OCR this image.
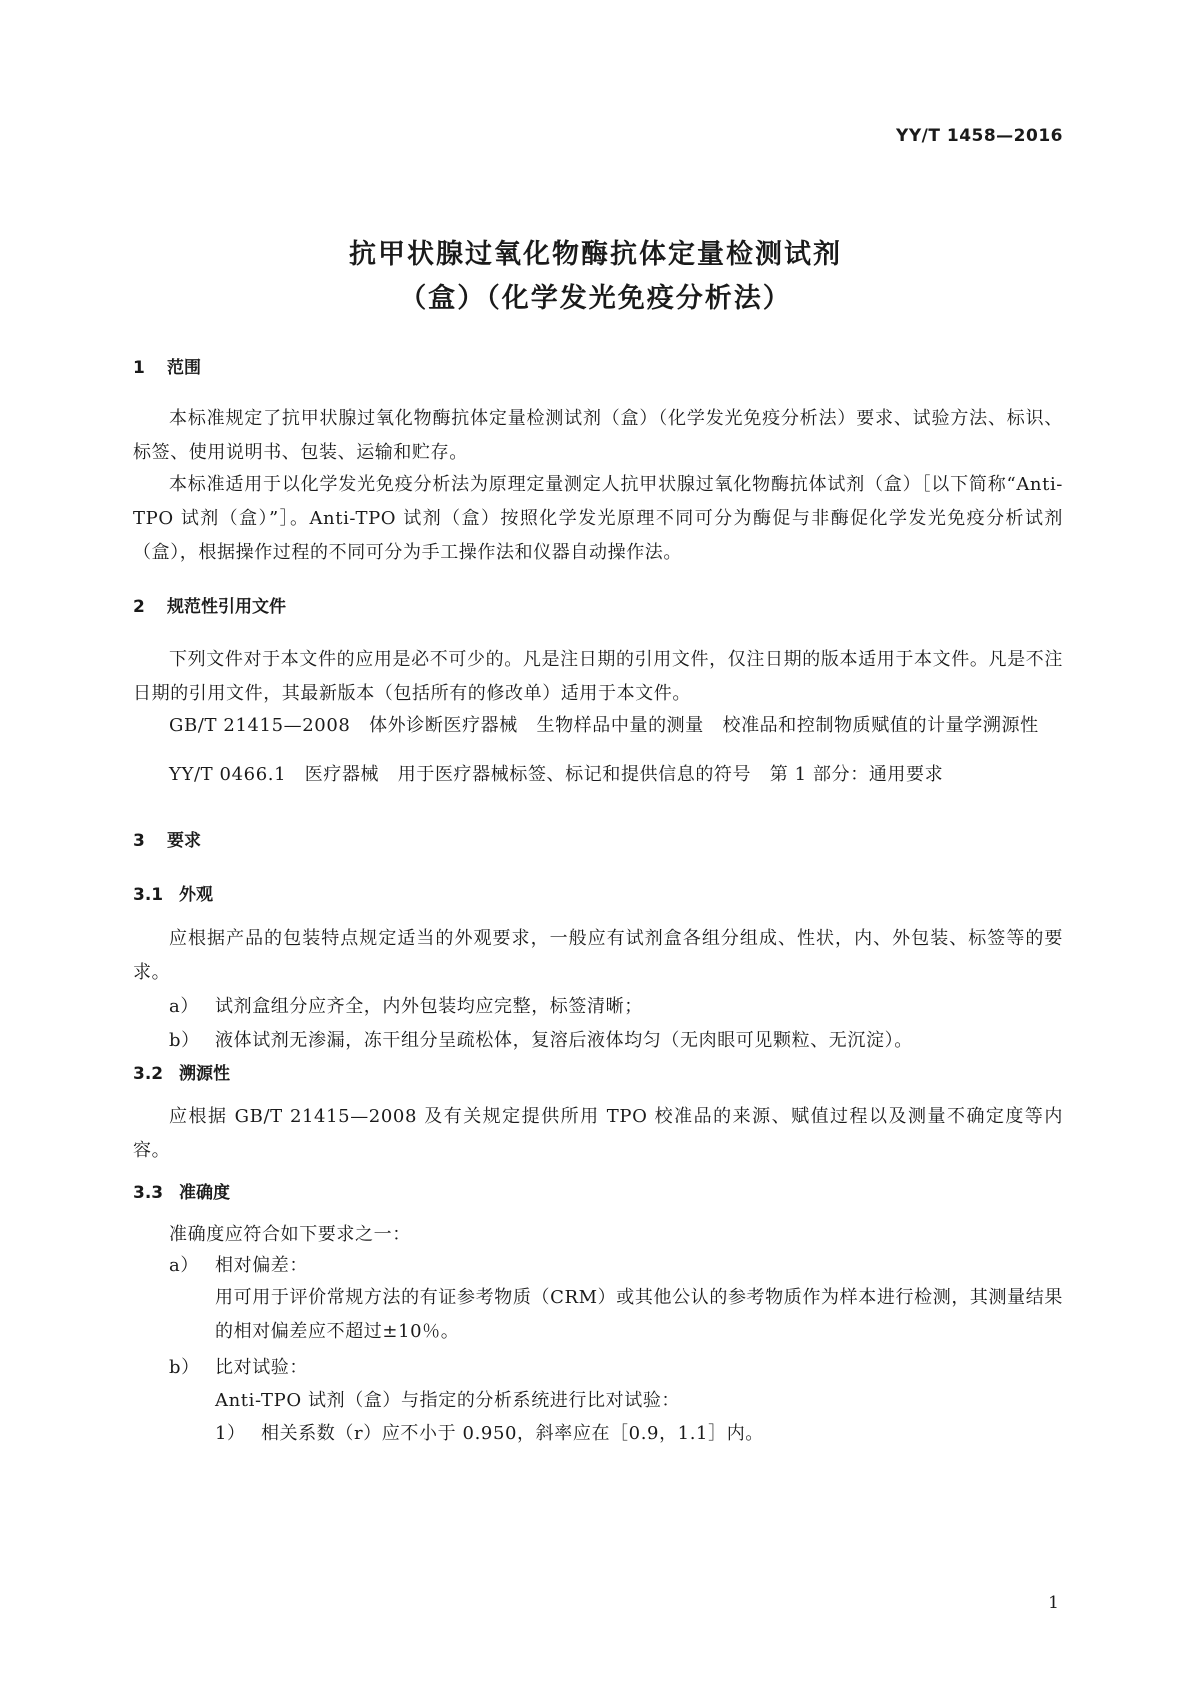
YY/T 1458—2016
抗甲状腺过氧化物酶抗体定量检测试剂
（盒）（化学发光免疫分析法）
1 范围
本标准规定了抗甲状腺过氧化物酶抗体定量检测试剂（盒）（化学发光免疫分析法）要求、试验方法、标识、标签、使用说明书、包装、运输和贮存。
本标准适用于以化学发光免疫分析法为原理定量测定人抗甲状腺过氧化物酶抗体试剂（盒）［以下简称“Anti-TPO 试剂（盒）”］。Anti-TPO 试剂（盒）按照化学发光原理不同可分为酶促与非酶促化学发光免疫分析试剂（盒），根据操作过程的不同可分为手工操作法和仪器自动操作法。
2 规范性引用文件
下列文件对于本文件的应用是必不可少的。凡是注日期的引用文件，仅注日期的版本适用于本文件。凡是不注日期的引用文件，其最新版本（包括所有的修改单）适用于本文件。
GB/T 21415—2008　体外诊断医疗器械　生物样品中量的测量　校准品和控制物质赋值的计量学溯源性
YY/T 0466.1　医疗器械　用于医疗器械标签、标记和提供信息的符号　第 1 部分：通用要求
3 要求
3.1 外观
应根据产品的包装特点规定适当的外观要求，一般应有试剂盒各组分组成、性状，内、外包装、标签等的要求。
a） 试剂盒组分应齐全，内外包装均应完整，标签清晰；
b） 液体试剂无渗漏，冻干组分呈疏松体，复溶后液体均匀（无肉眼可见颗粒、无沉淀）。
3.2 溯源性
应根据 GB/T 21415—2008 及有关规定提供所用 TPO 校准品的来源、赋值过程以及测量不确定度等内容。
3.3 准确度
准确度应符合如下要求之一：
a） 相对偏差：
用可用于评价常规方法的有证参考物质（CRM）或其他公认的参考物质作为样本进行检测，其测量结果的相对偏差应不超过±10％。
b） 比对试验：
Anti-TPO 试剂（盒）与指定的分析系统进行比对试验：
1） 相关系数（r）应不小于 0.950，斜率应在［0.9，1.1］内。
1
